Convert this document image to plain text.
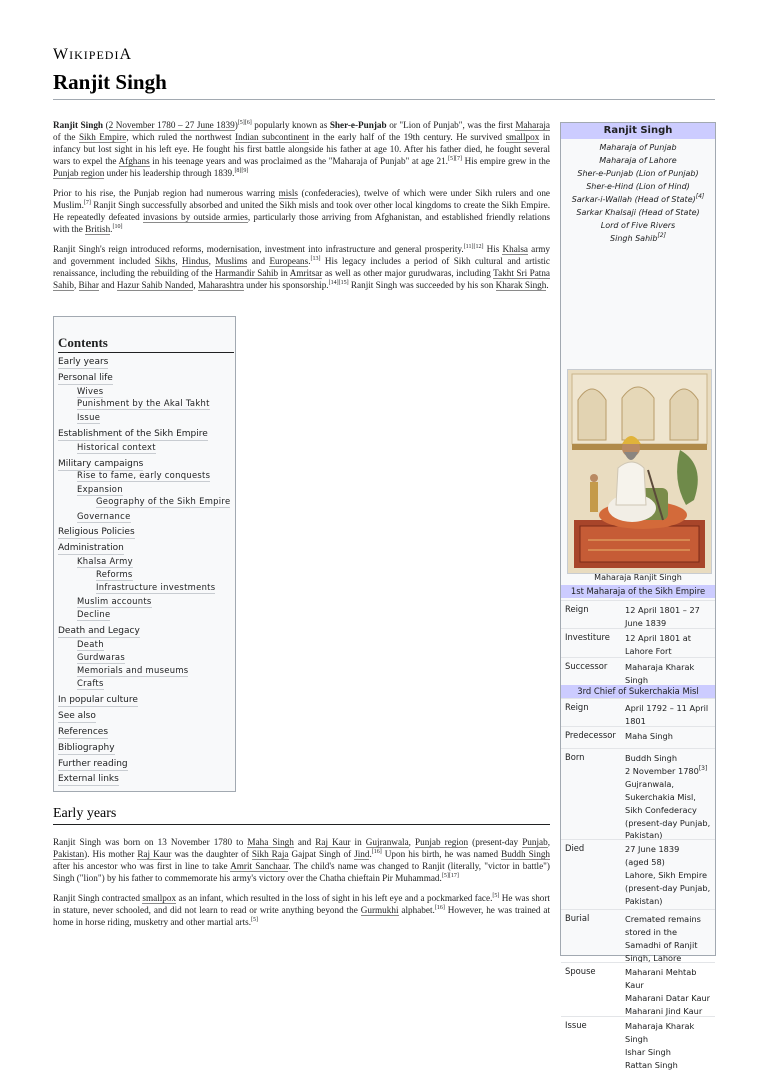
WIKIPEDIA
Ranjit Singh

Ranjit Singh (2 November 1780 – 27 June 1839)[5][6] popularly known as Sher-e-Punjab or "Lion of Punjab", was the first Maharaja of the Sikh Empire, which ruled the northwest Indian subcontinent in the early half of the 19th century. He survived smallpox in infancy but lost sight in his left eye. He fought his first battle alongside his father at age 10. After his father died, he fought several wars to expel the Afghans in his teenage years and was proclaimed as the "Maharaja of Punjab" at age 21.[5][7] His empire grew in the Punjab region under his leadership through 1839.[8][9]

Prior to his rise, the Punjab region had numerous warring misls (confederacies), twelve of which were under Sikh rulers and one Muslim.[7] Ranjit Singh successfully absorbed and united the Sikh misls and took over other local kingdoms to create the Sikh Empire. He repeatedly defeated invasions by outside armies, particularly those arriving from Afghanistan, and established friendly relations with the British.[10]

Ranjit Singh's reign introduced reforms, modernisation, investment into infrastructure and general prosperity.[11][12] His Khalsa army and government included Sikhs, Hindus, Muslims and Europeans.[13] His legacy includes a period of Sikh cultural and artistic renaissance, including the rebuilding of the Harmandir Sahib in Amritsar as well as other major gurudwaras, including Takht Sri Patna Sahib, Bihar and Hazur Sahib Nanded, Maharashtra under his sponsorship.[14][15] Ranjit Singh was succeeded by his son Kharak Singh.

Contents
Early years
Personal life
Wives
Punishment by the Akal Takht
Issue
Establishment of the Sikh Empire
Historical context
Military campaigns
Rise to fame, early conquests
Expansion
Geography of the Sikh Empire
Governance
Religious Policies
Administration
Khalsa Army
Reforms
Infrastructure investments
Muslim accounts
Decline
Death and Legacy
Death
Gurdwaras
Memorials and museums
Crafts
In popular culture
See also
References
Bibliography
Further reading
External links
Early years

Ranjit Singh was born on 13 November 1780 to Maha Singh and Raj Kaur in Gujranwala, Punjab region (present-day Punjab, Pakistan). His mother Raj Kaur was the daughter of Sikh Raja Gajpat Singh of Jind.[16] Upon his birth, he was named Buddh Singh after his ancestor who was first in line to take Amrit Sanchaar. The child's name was changed to Ranjit (literally, "victor in battle") Singh ("lion") by his father to commemorate his army's victory over the Chatha chieftain Pir Muhammad.[5][17]

Ranjit Singh contracted smallpox as an infant, which resulted in the loss of sight in his left eye and a pockmarked face.[5] He was short in stature, never schooled, and did not learn to read or write anything beyond the Gurmukhi alphabet.[16] However, he was trained at home in horse riding, musketry and other martial arts.[5]

Ranjit Singh
Maharaja of Punjab
Maharaja of Lahore
Sher-e-Punjab (Lion of Punjab)
Sher-e-Hind (Lion of Hind)
Sarkar-i-Wallah (Head of State)[4]
Sarkar Khalsaji (Head of State)
Lord of Five Rivers
Singh Sahib[2]
Maharaja Ranjit Singh
1st Maharaja of the Sikh Empire
Reign	12 April 1801 – 27
June 1839
Investiture 12 April 1801 at
Lahore Fort
Successor Maharaja Kharak
Singh
3rd Chief of Sukerchakia Misl
Reign	April 1792 – 11 April
1801
Predecessor Maha Singh
Born	Buddh Singh
2 November 1780[3]
Gujranwala,
Sukerchakia Misl,
Sikh Confederacy
(present-day Punjab,
Pakistan)
Died	27 June 1839
(aged 58)
Lahore, Sikh Empire
(present-day Punjab,
Pakistan)
Burial	Cremated remains
stored in the
Samadhi of Ranjit
Singh, Lahore
Spouse	Maharani Mehtab
Kaur
Maharani Datar Kaur
Maharani Jind Kaur
Issue	Maharaja Kharak
Singh
Ishar Singh
Rattan Singh
